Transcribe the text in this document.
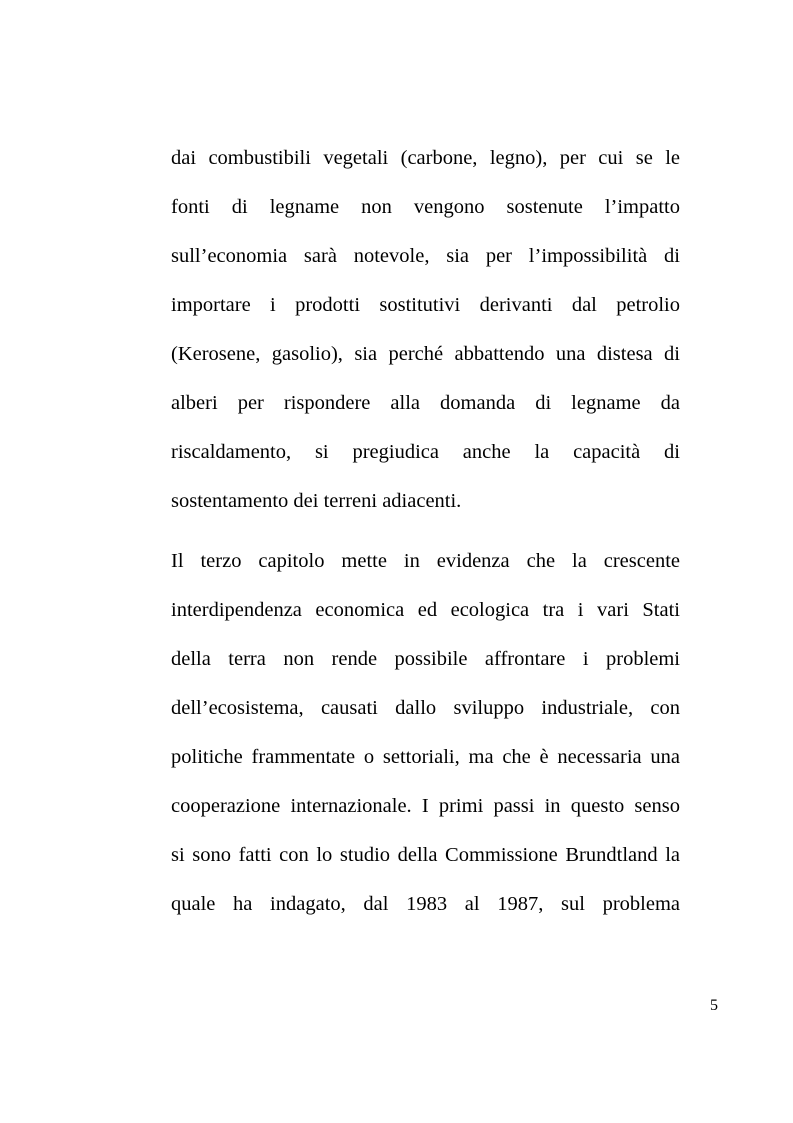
dai combustibili vegetali (carbone, legno), per cui se le
fonti di legname non vengono sostenute l’impatto
sull’economia sarà notevole, sia per l’impossibilità di
importare i prodotti sostitutivi derivanti dal petrolio
(Kerosene, gasolio), sia perché abbattendo una distesa di
alberi per rispondere alla domanda di legname da
riscaldamento, si pregiudica anche la capacità di
sostentamento dei terreni adiacenti.

Il terzo capitolo mette in evidenza che la crescente
interdipendenza economica ed ecologica tra i vari Stati
della terra non rende possibile affrontare i problemi
dell’ecosistema, causati dallo sviluppo industriale, con
politiche frammentate o settoriali, ma che è necessaria una
cooperazione internazionale. I primi passi in questo senso
si sono fatti con lo studio della Commissione Brundtland la
quale ha indagato, dal 1983 al 1987, sul problema

5
